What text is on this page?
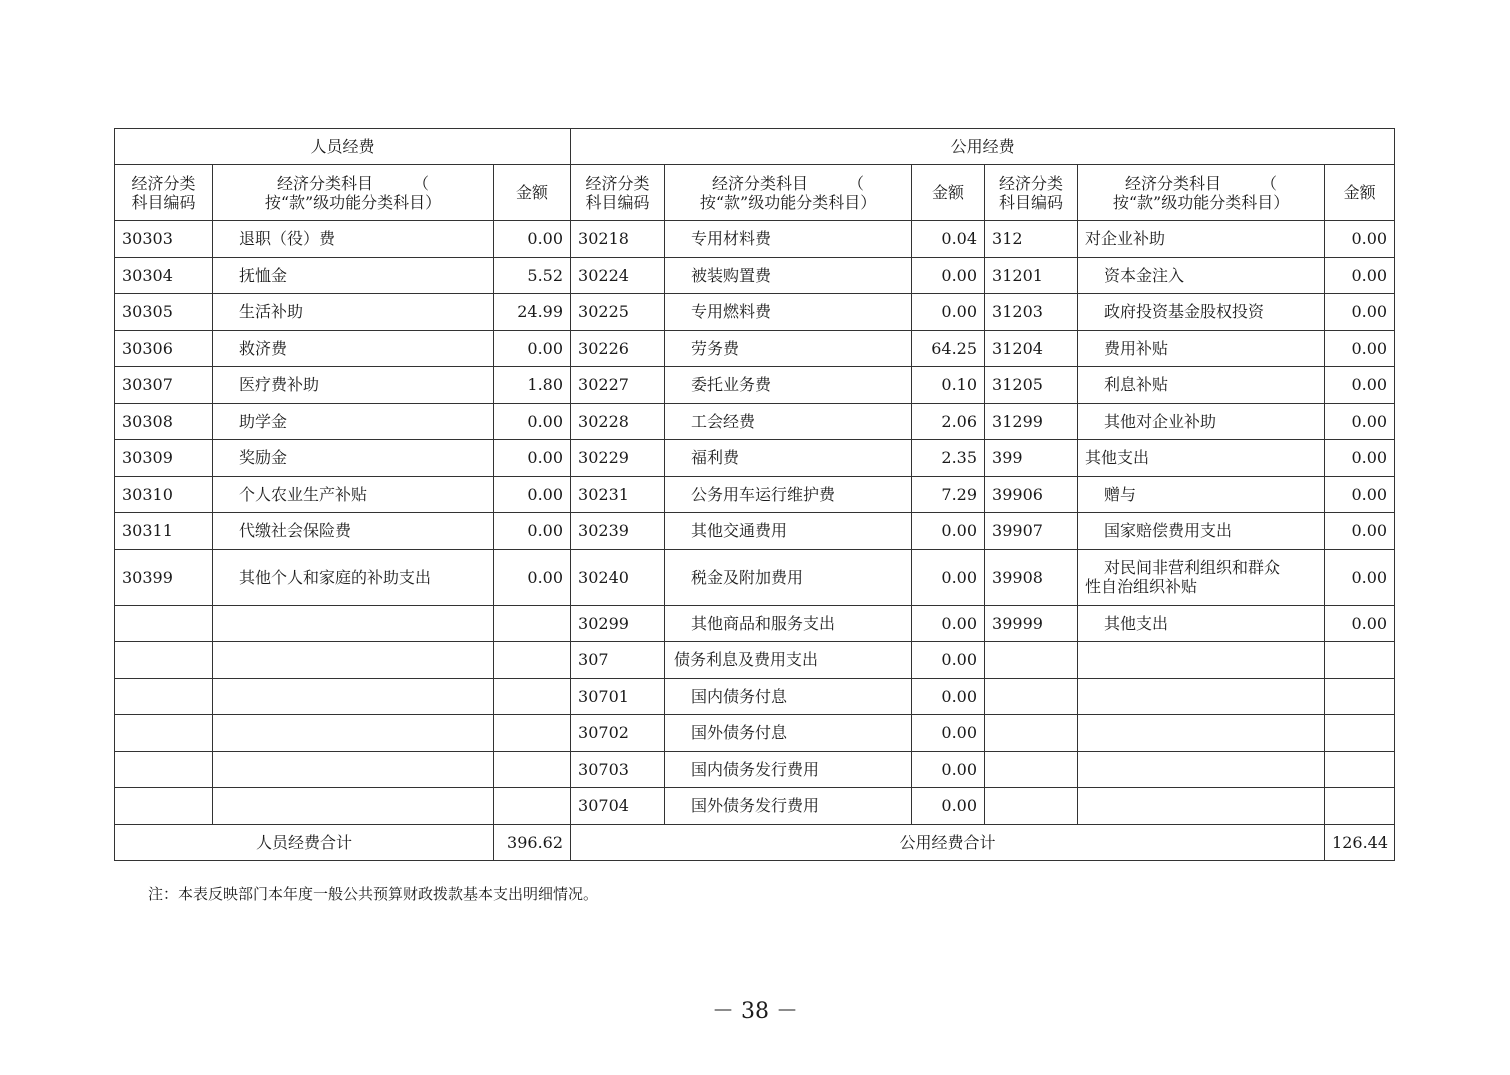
人员经费			公用经费					
经济分类
科目编码	经济分类科目　　　（
按“款”级功能分类科目）	金额	经济分类
科目编码	经济分类科目　　　（
按“款”级功能分类科目）	金额	经济分类
科目编码	经济分类科目　　　（
按“款”级功能分类科目）	金额
30303	退职（役）费	0.00	30218	专用材料费	0.04	312	对企业补助	0.00
30304	抚恤金	5.52	30224	被装购置费	0.00	31201	资本金注入	0.00
30305	生活补助	24.99	30225	专用燃料费	0.00	31203	政府投资基金股权投资	0.00
30306	救济费	0.00	30226	劳务费	64.25	31204	费用补贴	0.00
30307	医疗费补助	1.80	30227	委托业务费	0.10	31205	利息补贴	0.00
30308	助学金	0.00	30228	工会经费	2.06	31299	其他对企业补助	0.00
30309	奖励金	0.00	30229	福利费	2.35	399	其他支出	0.00
30310	个人农业生产补贴	0.00	30231	公务用车运行维护费	7.29	39906	赠与	0.00
30311	代缴社会保险费	0.00	30239	其他交通费用	0.00	39907	国家赔偿费用支出	0.00
30399	其他个人和家庭的补助支出	0.00	30240	税金及附加费用	0.00	39908	对民间非营利组织和群众
性自治组织补贴	0.00
			30299	其他商品和服务支出	0.00	39999	其他支出	0.00
			307	债务利息及费用支出	0.00			
			30701	国内债务付息	0.00			
			30702	国外债务付息	0.00			
			30703	国内债务发行费用	0.00			
			30704	国外债务发行费用	0.00			
人员经费合计		396.62	公用经费合计					126.44
注：本表反映部门本年度一般公共预算财政拨款基本支出明细情况。
－ 38 －
